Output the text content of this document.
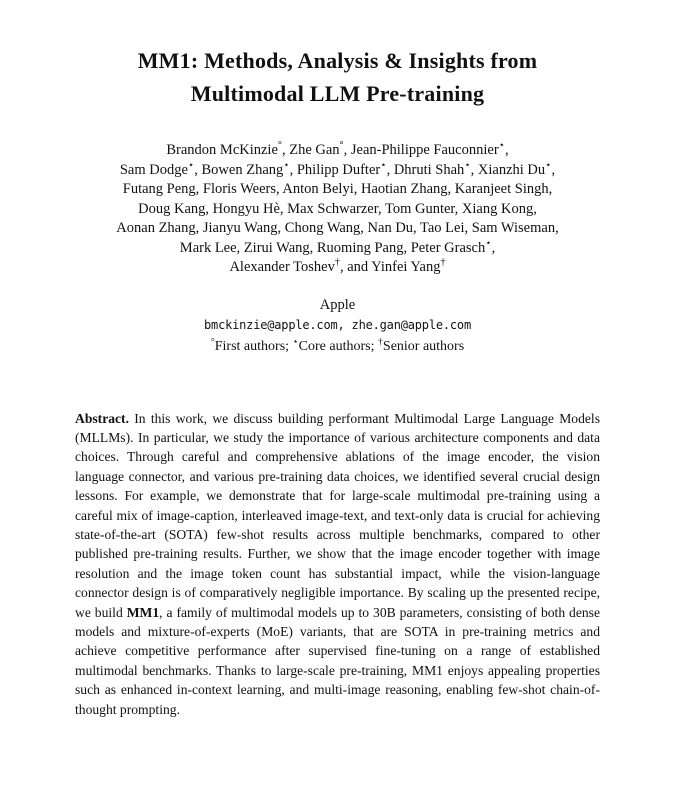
MM1: Methods, Analysis & Insights from
Multimodal LLM Pre-training
Brandon McKinzie°, Zhe Gan°, Jean-Philippe Fauconnier⋆,
Sam Dodge⋆, Bowen Zhang⋆, Philipp Dufter⋆, Dhruti Shah⋆, Xianzhi Du⋆,
Futang Peng, Floris Weers, Anton Belyi, Haotian Zhang, Karanjeet Singh,
Doug Kang, Hongyu Hè, Max Schwarzer, Tom Gunter, Xiang Kong,
Aonan Zhang, Jianyu Wang, Chong Wang, Nan Du, Tao Lei, Sam Wiseman,
Mark Lee, Zirui Wang, Ruoming Pang, Peter Grasch⋆,
Alexander Toshev†, and Yinfei Yang†
Apple
bmckinzie@apple.com, zhe.gan@apple.com
°First authors; ⋆Core authors; †Senior authors

Abstract. In this work, we discuss building performant Multimodal Large Language Models (MLLMs). In particular, we study the importance of various architecture components and data choices. Through careful and comprehensive ablations of the image encoder, the vision language connector, and various pre-training data choices, we identified several crucial design lessons. For example, we demonstrate that for large-scale multimodal pre-training using a careful mix of image-caption, interleaved image-text, and text-only data is crucial for achieving state-of-the-art (SOTA) few-shot results across multiple benchmarks, compared to other published pre-training results. Further, we show that the image encoder together with image resolution and the image token count has substantial impact, while the vision-language connector design is of comparatively negligible importance. By scaling up the presented recipe, we build MM1, a family of multimodal models up to 30B parameters, consisting of both dense models and mixture-of-experts (MoE) variants, that are SOTA in pre-training metrics and achieve competitive performance after supervised fine-tuning on a range of established multimodal benchmarks. Thanks to large-scale pre-training, MM1 enjoys appealing properties such as enhanced in-context learning, and multi-image reasoning, enabling few-shot chain-of-thought prompting.
